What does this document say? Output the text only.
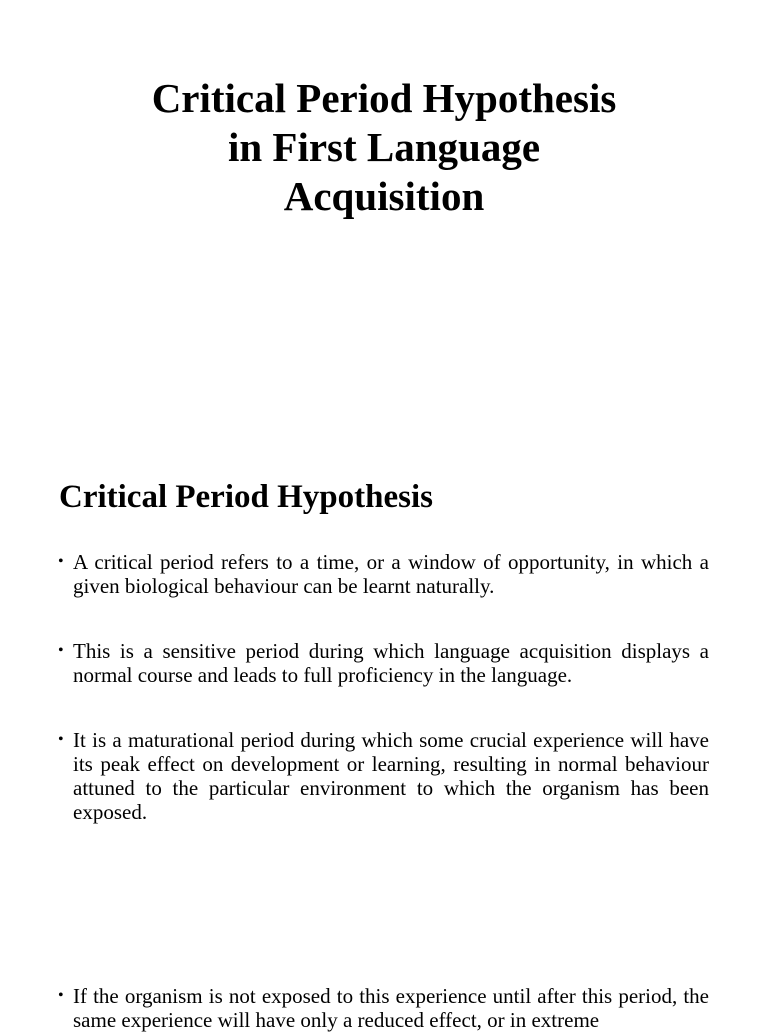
Critical Period Hypothesis
in First Language
Acquisition
Critical Period Hypothesis
• A critical period refers to a time, or a window of opportunity, in which a given biological behaviour can be learnt naturally.
• This is a sensitive period during which language acquisition displays a normal course and leads to full proficiency in the language.
• It is a maturational period during which some crucial experience will have its peak effect on development or learning, resulting in normal behaviour attuned to the particular environment to which the organism has been exposed.
• If the organism is not exposed to this experience until after this period, the same experience will have only a reduced effect, or in extreme
